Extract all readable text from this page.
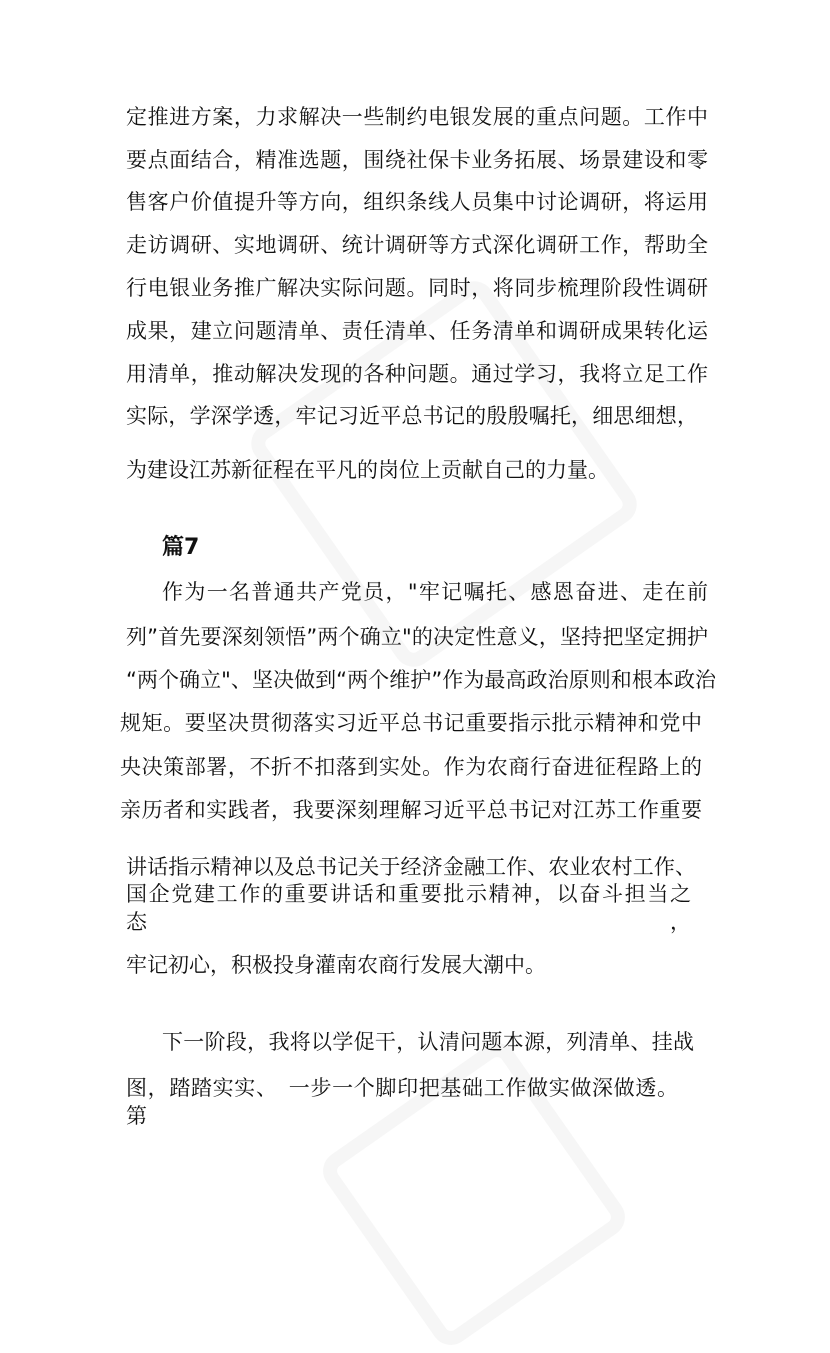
定推进方案，力求解决一些制约电银发展的重点问题。工作中
要点面结合，精准选题，围绕社保卡业务拓展、场景建设和零
售客户价值提升等方向，组织条线人员集中讨论调研，将运用
走访调研、实地调研、统计调研等方式深化调研工作，帮助全
行电银业务推广解决实际问题。同时，将同步梳理阶段性调研
成果，建立问题清单、责任清单、任务清单和调研成果转化运
用清单，推动解决发现的各种问题。通过学习，我将立足工作
实际，学深学透，牢记习近平总书记的殷殷嘱托，细思细想，
为建设江苏新征程在平凡的岗位上贡献自己的力量。
篇7
作为一名普通共产党员，"牢记嘱托、感恩奋进、走在前
列”首先要深刻领悟”两个确立"的决定性意义，坚持把坚定拥护
“两个确立"、坚决做到“两个维护”作为最高政治原则和根本政治
规矩。要坚决贯彻落实习近平总书记重要指示批示精神和党中
央决策部署，不折不扣落到实处。作为农商行奋进征程路上的
亲历者和实践者，我要深刻理解习近平总书记对江苏工作重要
讲话指示精神以及总书记关于经济金融工作、农业农村工作、
国企党建工作的重要讲话和重要批示精神，以奋斗担当之态，
牢记初心，积极投身灌南农商行发展大潮中。
下一阶段，我将以学促干，认清问题本源，列清单、挂战
图，踏踏实实、　一步一个脚印把基础工作做实做深做透。第
